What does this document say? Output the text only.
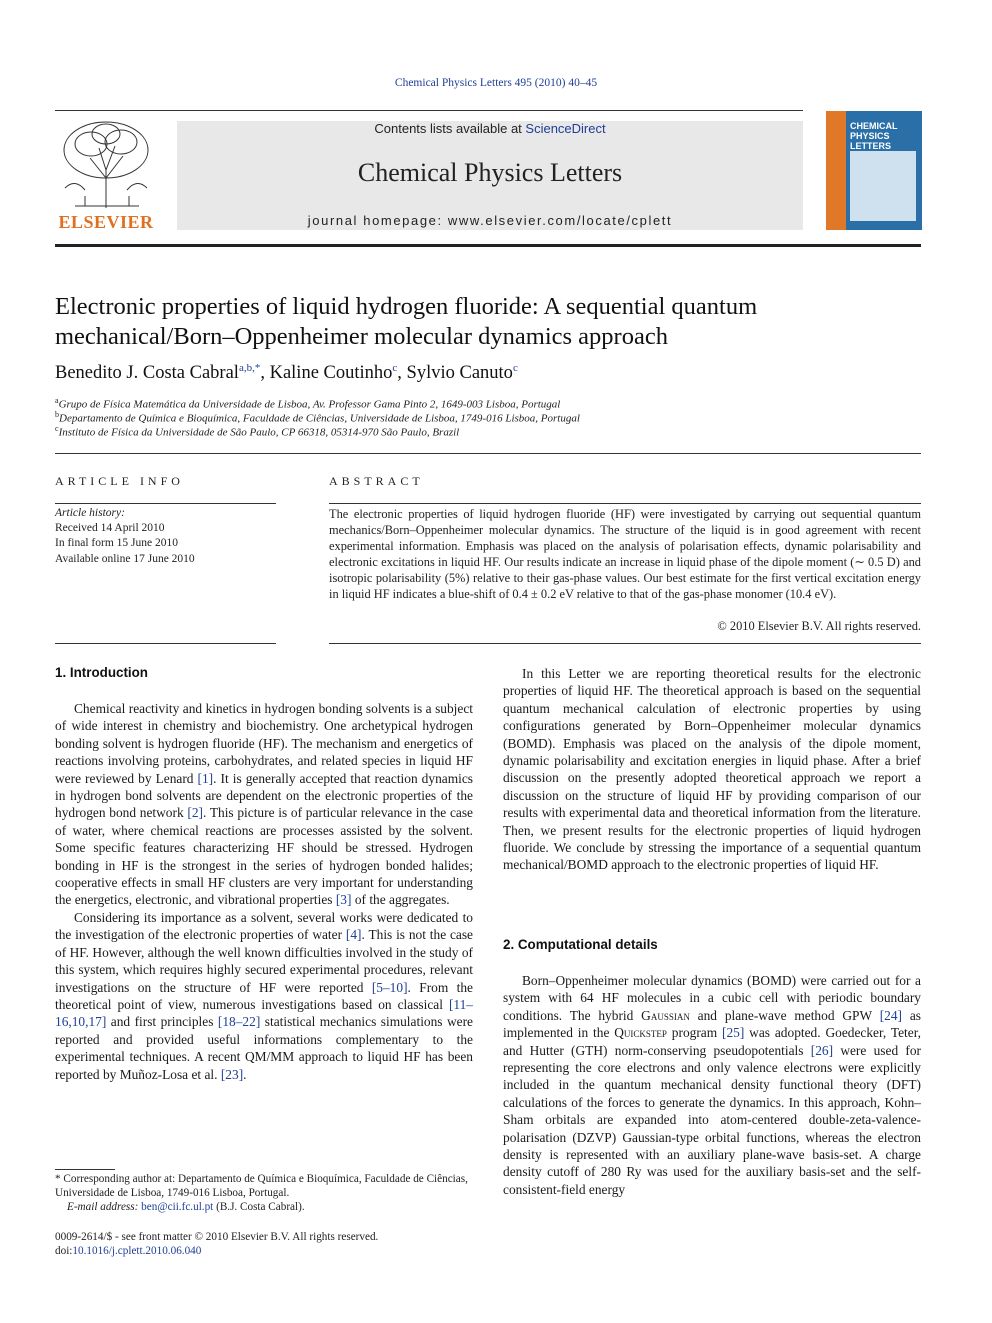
Chemical Physics Letters 495 (2010) 40–45
ELSEVIER
Contents lists available at ScienceDirect
Chemical Physics Letters
journal homepage: www.elsevier.com/locate/cplett
CHEMICAL
PHYSICS
LETTERS
Electronic properties of liquid hydrogen fluoride: A sequential quantum
mechanical/Born–Oppenheimer molecular dynamics approach
Benedito J. Costa Cabral$^{a,b,*}$, Kaline Coutinho$^c$, Sylvio Canuto$^c$
$^a$Grupo de Física Matemática da Universidade de Lisboa, Av. Professor Gama Pinto 2, 1649-003 Lisboa, Portugal
$^b$Departamento de Química e Bioquímica, Faculdade de Ciências, Universidade de Lisboa, 1749-016 Lisboa, Portugal
$^c$Instituto de Física da Universidade de São Paulo, CP 66318, 05314-970 São Paulo, Brazil
ARTICLE INFO	ABSTRACT
Article history:
Received 14 April 2010
In final form 15 June 2010
Available online 17 June 2010
The electronic properties of liquid hydrogen fluoride (HF) were investigated by carrying out sequential quantum mechanics/Born–Oppenheimer molecular dynamics. The structure of the liquid is in good agreement with recent experimental information. Emphasis was placed on the analysis of polarisation effects, dynamic polarisability and electronic excitations in liquid HF. Our results indicate an increase in liquid phase of the dipole moment (∼ 0.5 D) and isotropic polarisability (5%) relative to their gas-phase values. Our best estimate for the first vertical excitation energy in liquid HF indicates a blue-shift of 0.4 ± 0.2 eV relative to that of the gas-phase monomer (10.4 eV).
© 2010 Elsevier B.V. All rights reserved.
1. Introduction

Chemical reactivity and kinetics in hydrogen bonding solvents is a subject of wide interest in chemistry and biochemistry. One archetypical hydrogen bonding solvent is hydrogen fluoride (HF). The mechanism and energetics of reactions involving proteins, carbohydrates, and related species in liquid HF were reviewed by Lenard [1]. It is generally accepted that reaction dynamics in hydrogen bond solvents are dependent on the electronic properties of the hydrogen bond network [2]. This picture is of particular relevance in the case of water, where chemical reactions are processes assisted by the solvent. Some specific features characterizing HF should be stressed. Hydrogen bonding in HF is the strongest in the series of hydrogen bonded halides; cooperative effects in small HF clusters are very important for understanding the energetics, electronic, and vibrational properties [3] of the aggregates.

Considering its importance as a solvent, several works were dedicated to the investigation of the electronic properties of water [4]. This is not the case of HF. However, although the well known difficulties involved in the study of this system, which requires highly secured experimental procedures, relevant investigations on the structure of HF were reported [5–10]. From the theoretical point of view, numerous investigations based on classical [11–16,10,17] and first principles [18–22] statistical mechanics simulations were reported and provided useful informations complementary to the experimental techniques. A recent QM/MM approach to liquid HF has been reported by Muñoz-Losa et al. [23].

In this Letter we are reporting theoretical results for the electronic properties of liquid HF. The theoretical approach is based on the sequential quantum mechanical calculation of electronic properties by using configurations generated by Born–Oppenheimer molecular dynamics (BOMD). Emphasis was placed on the analysis of the dipole moment, dynamic polarisability and excitation energies in liquid phase. After a brief discussion on the presently adopted theoretical approach we report a discussion on the structure of liquid HF by providing comparison of our results with experimental data and theoretical information from the literature. Then, we present results for the electronic properties of liquid hydrogen fluoride. We conclude by stressing the importance of a sequential quantum mechanical/BOMD approach to the electronic properties of liquid HF.

2. Computational details

Born–Oppenheimer molecular dynamics (BOMD) were carried out for a system with 64 HF molecules in a cubic cell with periodic boundary conditions. The hybrid Gaussian and plane-wave method GPW [24] as implemented in the Quickstep program [25] was adopted. Goedecker, Teter, and Hutter (GTH) norm-conserving pseudopotentials [26] were used for representing the core electrons and only valence electrons were explicitly included in the quantum mechanical density functional theory (DFT) calculations of the forces to generate the dynamics. In this approach, Kohn–Sham orbitals are expanded into atom-centered double-zeta-valence-polarisation (DZVP) Gaussian-type orbital functions, whereas the electron density is represented with an auxiliary plane-wave basis-set. A charge density cutoff of 280 Ry was used for the auxiliary basis-set and the self-consistent-field energy

* Corresponding author at: Departamento de Química e Bioquímica, Faculdade de Ciências, Universidade de Lisboa, 1749-016 Lisboa, Portugal.
E-mail address: ben@cii.fc.ul.pt (B.J. Costa Cabral).
0009-2614/$ - see front matter © 2010 Elsevier B.V. All rights reserved.
doi:10.1016/j.cplett.2010.06.040
